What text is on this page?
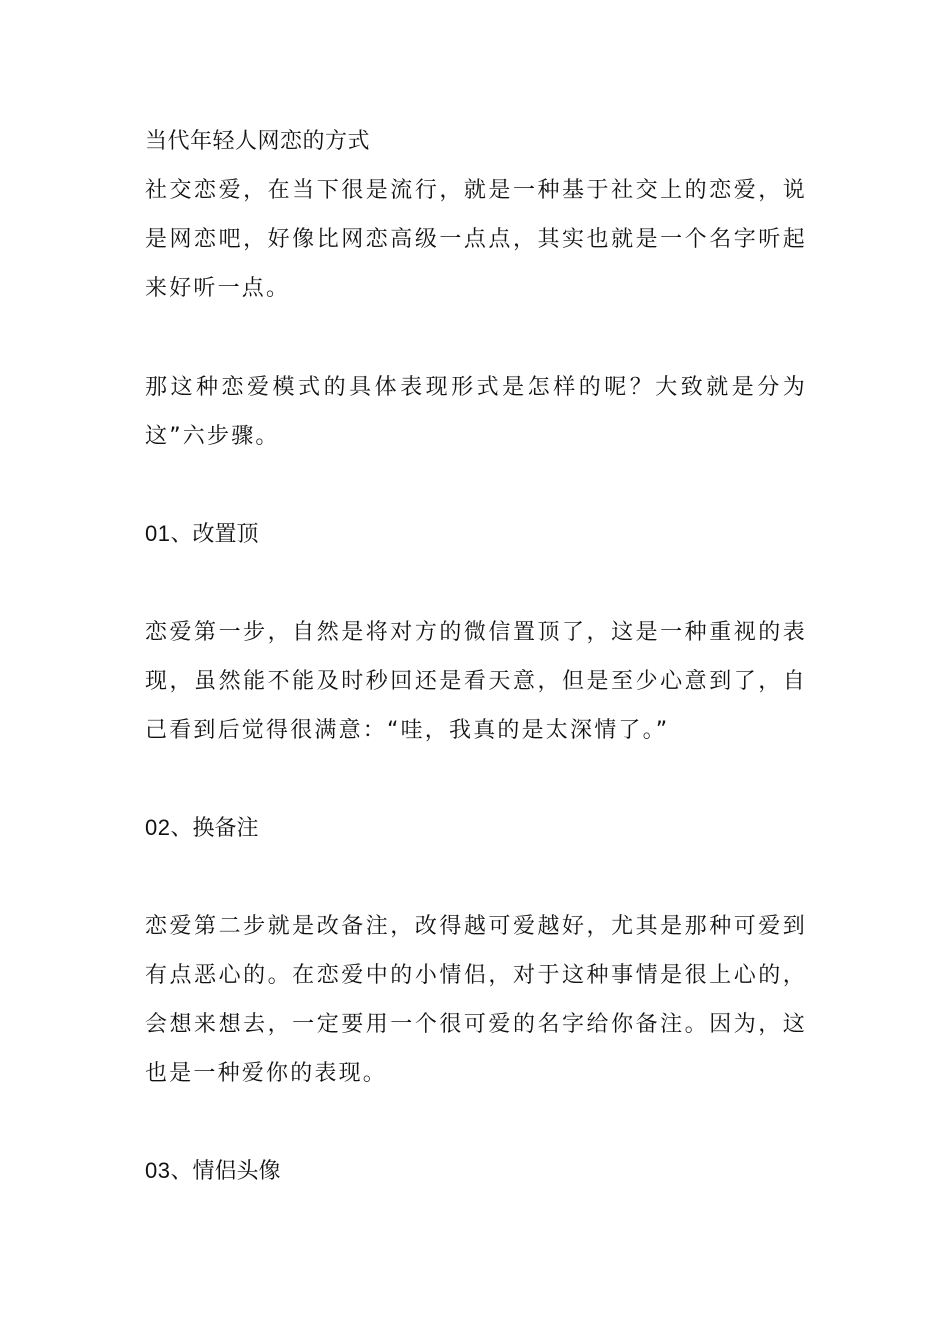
当代年轻人网恋的方式

社交恋爱，在当下很是流行，就是一种基于社交上的恋爱，说是网恋吧，好像比网恋高级一点点，其实也就是一个名字听起来好听一点。

那这种恋爱模式的具体表现形式是怎样的呢？大致就是分为这”六步骤。

01、改置顶

恋爱第一步，自然是将对方的微信置顶了，这是一种重视的表现，虽然能不能及时秒回还是看天意，但是至少心意到了，自己看到后觉得很满意：“哇，我真的是太深情了。”

02、换备注

恋爱第二步就是改备注，改得越可爱越好，尤其是那种可爱到有点恶心的。在恋爱中的小情侣，对于这种事情是很上心的，会想来想去，一定要用一个很可爱的名字给你备注。因为，这也是一种爱你的表现。

03、情侣头像
